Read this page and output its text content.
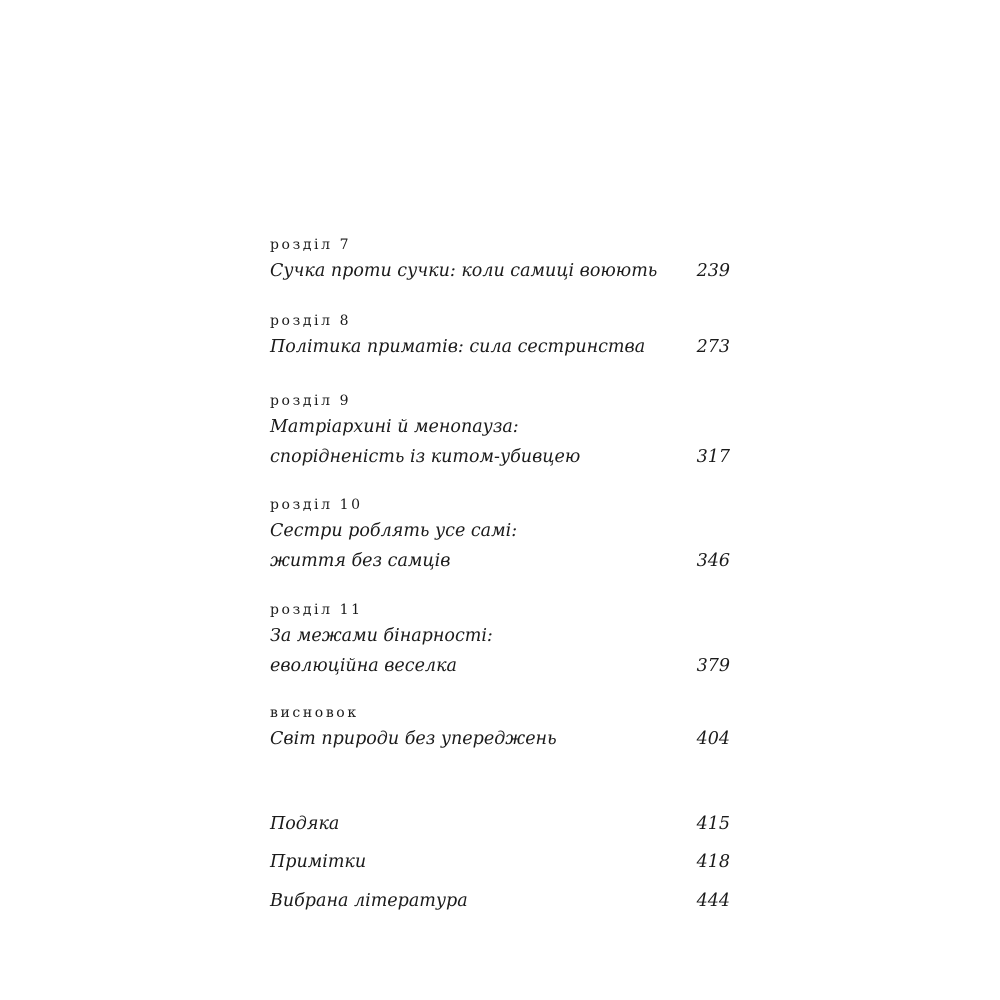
розділ 7
Сучка проти сучки: коли самиці воюють 239
розділ 8
Політика приматів: сила сестринства	273
розділ 9
Матріархині й менопауза:
спорідненість із китом-убивцею	317
розділ 10
Сестри роблять усе самі:
життя без самців	346
розділ 11
За межами бінарності:
еволюційна веселка	379
висновок
Світ природи без упереджень	404
Подяка	415
Примітки	418
Вибрана література	444
